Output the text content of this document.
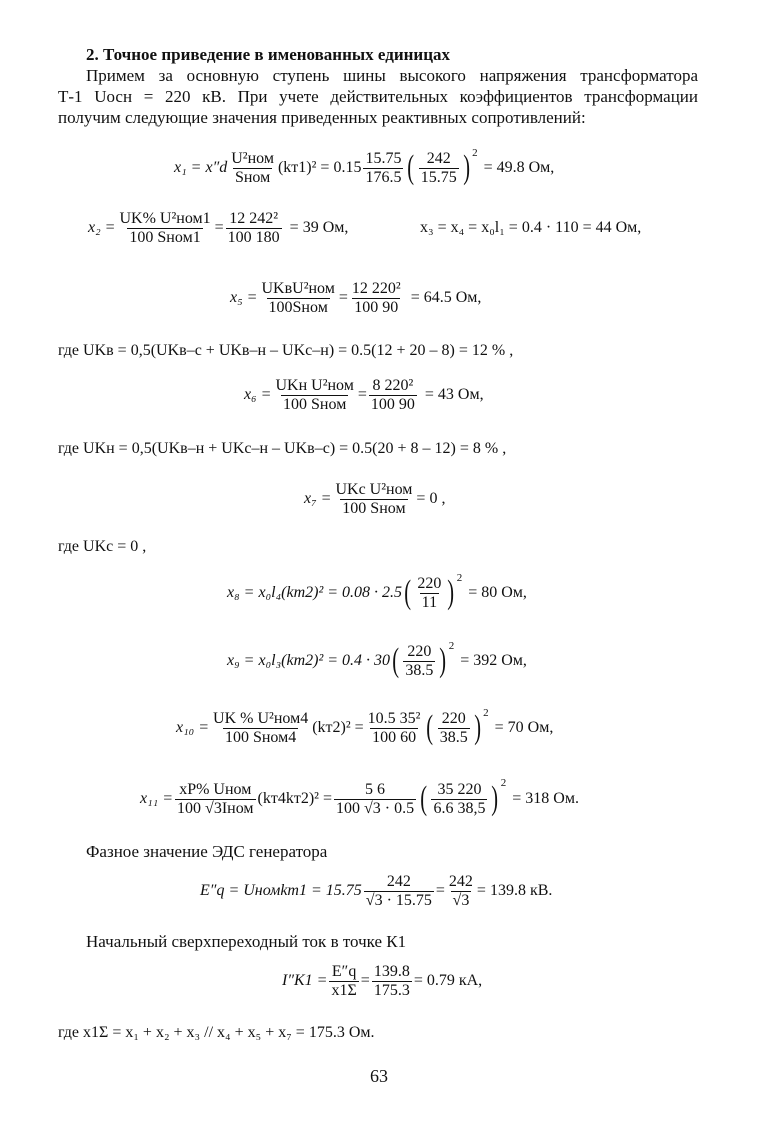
2. Точное приведение в именованных единицах
Примем за основную ступень шины высокого напряжения трансформатора
Т-1 Uосн = 220 кВ. При учете действительных коэффициентов трансформации
получим следующие значения приведенных реактивных сопротивлений:
$x_1 = x''d \frac{\text{U²ном}}{\text{Sном}} (kт1)^2 = 0.15 \frac{15.75}{176.5}$ ( $\frac{242}{15.75} )^2$
= 49.8 Ом,
$x_2 = \frac{\text{UK\% U²ном1}}{\text{100 Sном1}} = \frac{\text{12 242²}}{100 180} = 39$ Ом,	x₃ = x₄ = x₀l₁ = 0.4 · 110 = 44 Ом,
$x_5 = \frac{\text{UKвU²ном}}{\text{100Sном}} = \frac{\text{12 220²}}{100 90} = 64.5$ Ом,
где UKв = 0,5(UKв–с + UKв–н – UKс–н) = 0.5(12 + 20 – 8) = 12 % ,
$x_6 = \frac{\text{UKн U²ном}}{\text{100 Sном}} = \frac{\text{8 220²}}{100 90} = 43$ Ом,
где UKн = 0,5(UKв–н + UKс–н – UKв–с) = 0.5(20 + 8 – 12) = 8 % ,
$x_7 = \frac{\text{UKс U²ном}}{\text{100 Sном}} = 0$ ,
где UKс = 0 ,
x₈ = x₀l₄(kт2)² = 0.08 · 2.5 ( $\frac{220}{11} )^2$
= 80 Ом,
x₉ = x₀l₃(kт2)² = 0.4 · 30 ( $\frac{220}{38.5} )^2$
= 392 Ом,
$x_{10} = \frac{\text{UK \% U²ном4}}{\text{100 Sном4}} (kт2)^2 = \frac{\text{10.5 35²}}{100 60}$ ( $\frac{220}{38.5} )^2$
= 70 Ом,
$x_{11} = \frac{\text{xP\% Uном}}{\text{100 √3Iном}} (kт4kт2)^2 = \frac{5 6}{100 √3 \cdot 0.5}$ ( $\frac{35 220}{6.6 38,5} )^2$
= 318 Ом.
Фазное значение ЭДС генератора
E″q = Uномkт1 = $15.75 \frac{242}{√3 \cdot 15.75} = \frac{242}{√3} = 139.8$ кВ.
Начальный сверхпереходный ток в точке К1
$I''K1 = \frac{E''q}{x1\Sigma} = \frac{139.8}{175.3} = 0.79$ кА,
где x1Σ = x₁ + x₂ + x₃ // x₄ + x₅ + x₇ = 175.3 Ом.
63
